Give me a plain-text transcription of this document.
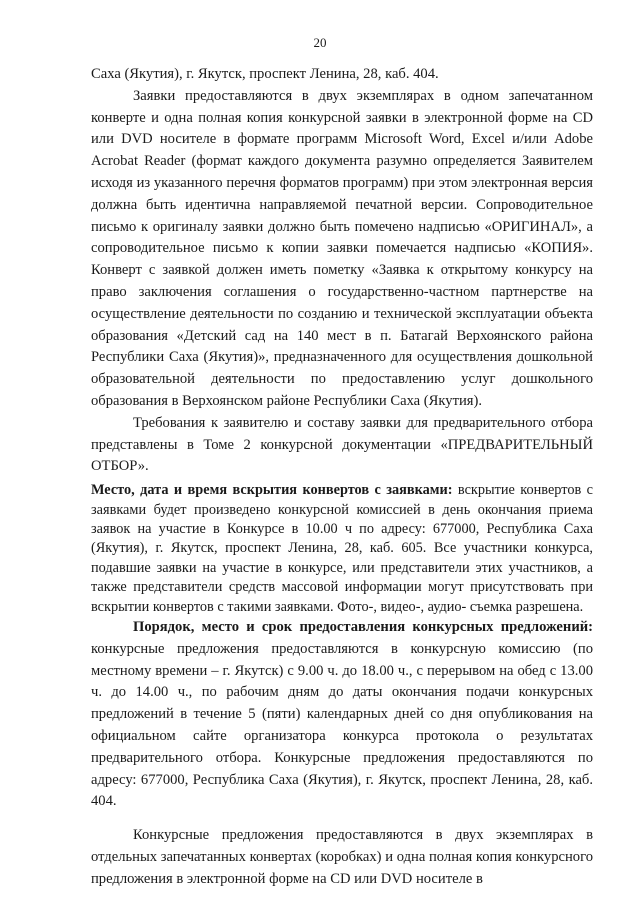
20

Саха (Якутия), г. Якутск, проспект Ленина, 28, каб. 404.

Заявки предоставляются в двух экземплярах в одном запечатанном конверте и одна полная копия конкурсной заявки в электронной форме на CD или DVD носителе в формате программ Microsoft Word, Excel и/или Adobe Acrobat Reader (формат каждого документа разумно определяется Заявителем исходя из указанного перечня форматов программ) при этом электронная версия должна быть идентична направляемой печатной версии. Сопроводительное письмо к оригиналу заявки должно быть помечено надписью «ОРИГИНАЛ», а сопроводительное письмо к копии заявки помечается надписью «КОПИЯ». Конверт с заявкой должен иметь пометку «Заявка к открытому конкурсу на право заключения соглашения о государственно-частном партнерстве на осуществление деятельности по созданию и технической эксплуатации объекта образования «Детский сад на 140 мест в п. Батагай Верхоянского района Республики Саха (Якутия)», предназначенного для осуществления дошкольной образовательной деятельности по предоставлению услуг дошкольного образования в Верхоянском районе Республики Саха (Якутия).

Требования к заявителю и составу заявки для предварительного отбора представлены в Томе 2 конкурсной документации «ПРЕДВАРИТЕЛЬНЫЙ ОТБОР».

Место, дата и время вскрытия конвертов с заявками: вскрытие конвертов с заявками будет произведено конкурсной комиссией в день окончания приема заявок на участие в Конкурсе в 10.00 ч по адресу: 677000, Республика Саха (Якутия), г. Якутск, проспект Ленина, 28, каб. 605. Все участники конкурса, подавшие заявки на участие в конкурсе, или представители этих участников, а также представители средств массовой информации могут присутствовать при вскрытии конвертов с такими заявками. Фото-, видео-, аудио- съемка разрешена.

Порядок, место и срок предоставления конкурсных предложений: конкурсные предложения предоставляются в конкурсную комиссию (по местному времени – г. Якутск) с 9.00 ч. до 18.00 ч., с перерывом на обед с 13.00 ч. до 14.00 ч., по рабочим дням до даты окончания подачи конкурсных предложений в течение 5 (пяти) календарных дней со дня опубликования на официальном сайте организатора конкурса протокола о результатах предварительного отбора. Конкурсные предложения предоставляются по адресу: 677000, Республика Саха (Якутия), г. Якутск, проспект Ленина, 28, каб. 404.

Конкурсные предложения предоставляются в двух экземплярах в отдельных запечатанных конвертах (коробках) и одна полная копия конкурсного предложения в электронной форме на CD или DVD носителе в
